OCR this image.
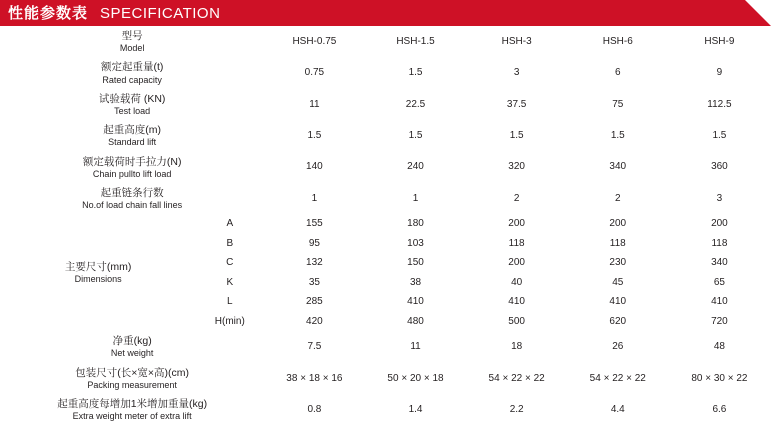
性能参数表 SPECIFICATION
型号
Model		HSH-0.75	HSH-1.5	HSH-3	HSH-6	HSH-9

额定起重量(t)
Rated capacity		0.75	1.5	3	6	9

试验载荷 (KN)
Test load		11	22.5	37.5	75	112.5

起重高度(m)
Standard lift		1.5	1.5	1.5	1.5	1.5

额定载荷时手拉力(N)
Chain pullto lift load		140	240	320	340	360

起重链条行数
No.of load chain fall lines		1	1	2	2	3

主要尺寸(mm)
Dimensions	A	155	180	200	200	200
	B	95	103	118	118	118
	C	132	150	200	230	340
	K	35	38	40	45	65
	L	285	410	410	410	410
	H(min)	420	480	500	620	720

净重(kg)
Net weight		7.5	11	18	26	48

包装尺寸(长×宽×高)(cm)
Packing measurement		38 × 18 × 16	50 × 20 × 18	54 × 22 × 22	54 × 22 × 22	80 × 30 × 22

起重高度每增加1米增加重量(kg)
Extra weight meter of extra lift		0.8	1.4	2.2	4.4	6.6
